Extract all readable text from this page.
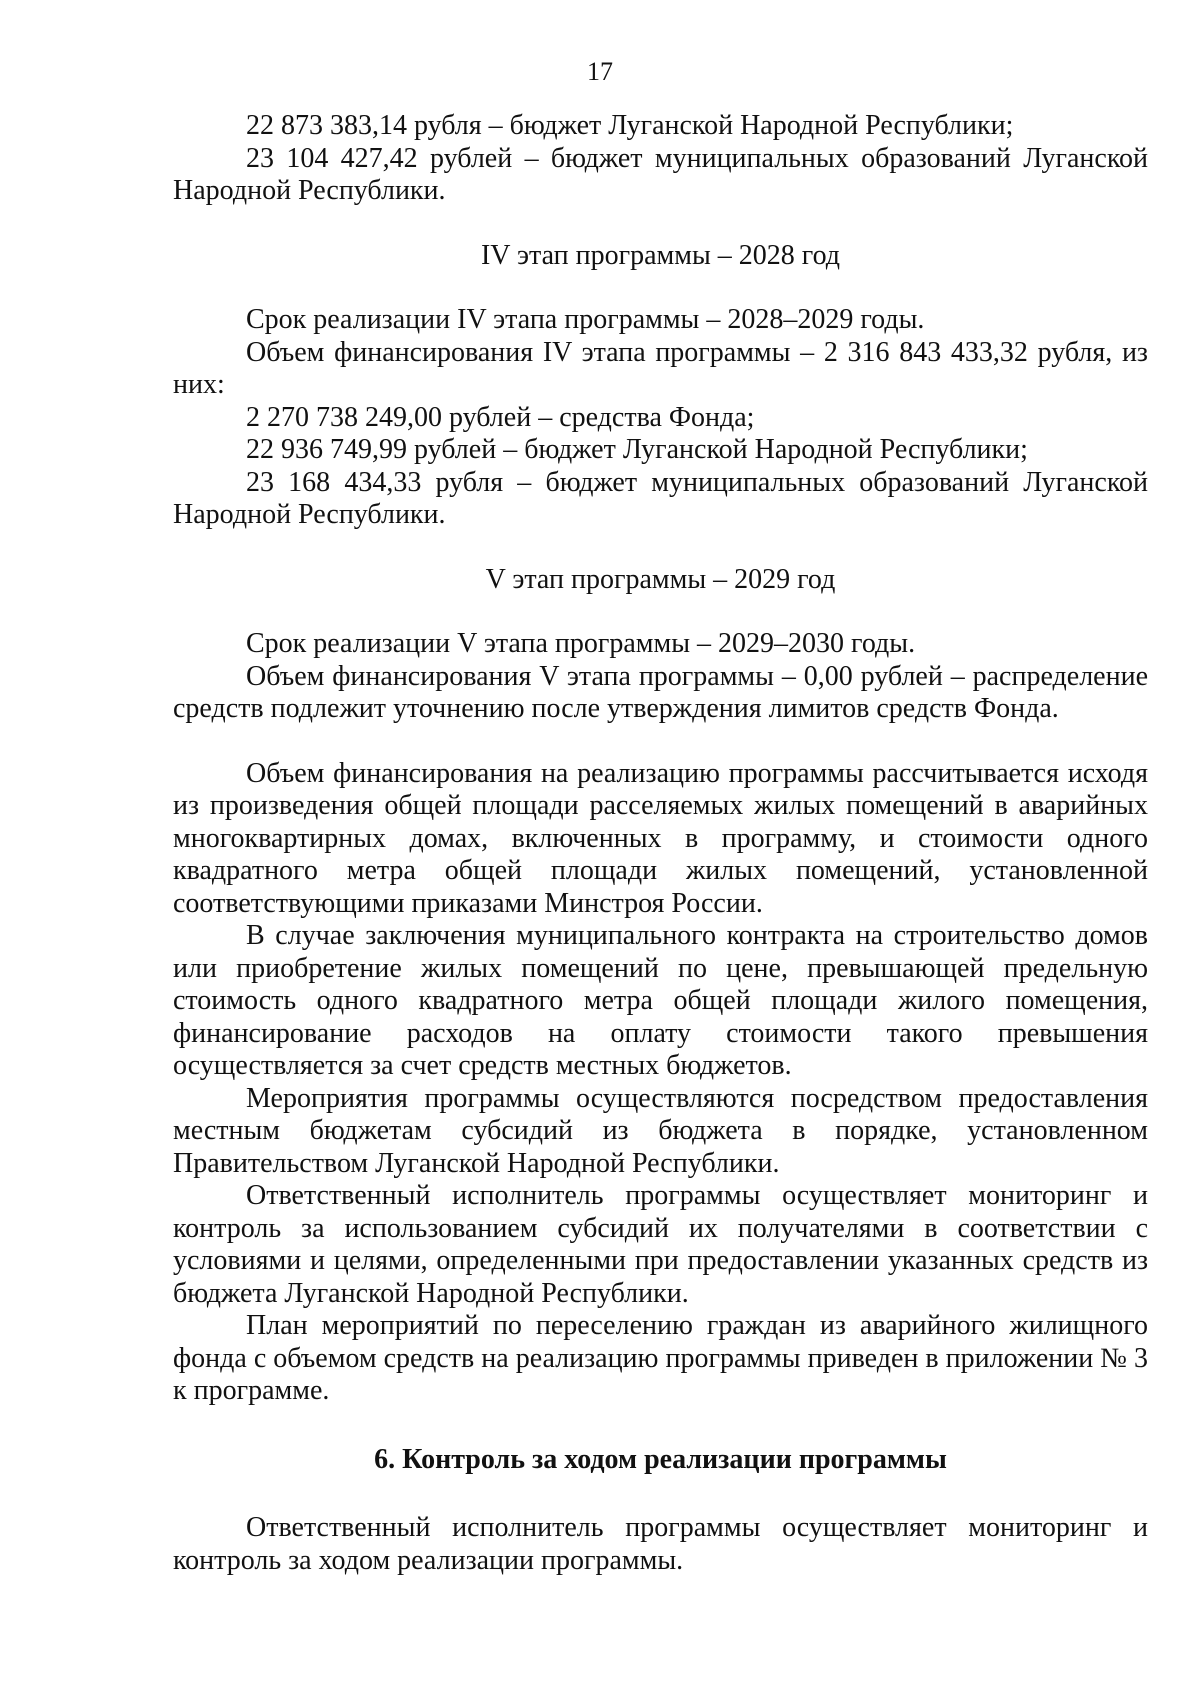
17

22 873 383,14 рубля – бюджет Луганской Народной Республики;

23 104 427,42 рублей – бюджет муниципальных образований Луганской Народной Республики.

IV этап программы – 2028 год

Срок реализации IV этапа программы – 2028–2029 годы.

Объем финансирования IV этапа программы – 2 316 843 433,32 рубля, из них:

2 270 738 249,00 рублей – средства Фонда;

22 936 749,99 рублей – бюджет Луганской Народной Республики;

23 168 434,33 рубля – бюджет муниципальных образований Луганской Народной Республики.

V этап программы – 2029 год

Срок реализации V этапа программы – 2029–2030 годы.

Объем финансирования V этапа программы – 0,00 рублей – распределение средств подлежит уточнению после утверждения лимитов средств Фонда.

Объем финансирования на реализацию программы рассчитывается исходя из произведения общей площади расселяемых жилых помещений в аварийных многоквартирных домах, включенных в программу, и стоимости одного квадратного метра общей площади жилых помещений, установленной соответствующими приказами Минстроя России.

В случае заключения муниципального контракта на строительство домов или приобретение жилых помещений по цене, превышающей предельную стоимость одного квадратного метра общей площади жилого помещения, финансирование расходов на оплату стоимости такого превышения осуществляется за счет средств местных бюджетов.

Мероприятия программы осуществляются посредством предоставления местным бюджетам субсидий из бюджета в порядке, установленном Правительством Луганской Народной Республики.

Ответственный исполнитель программы осуществляет мониторинг и контроль за использованием субсидий их получателями в соответствии с условиями и целями, определенными при предоставлении указанных средств из бюджета Луганской Народной Республики.

План мероприятий по переселению граждан из аварийного жилищного фонда с объемом средств на реализацию программы приведен в приложении № 3 к программе.

6. Контроль за ходом реализации программы

Ответственный исполнитель программы осуществляет мониторинг и контроль за ходом реализации программы.
